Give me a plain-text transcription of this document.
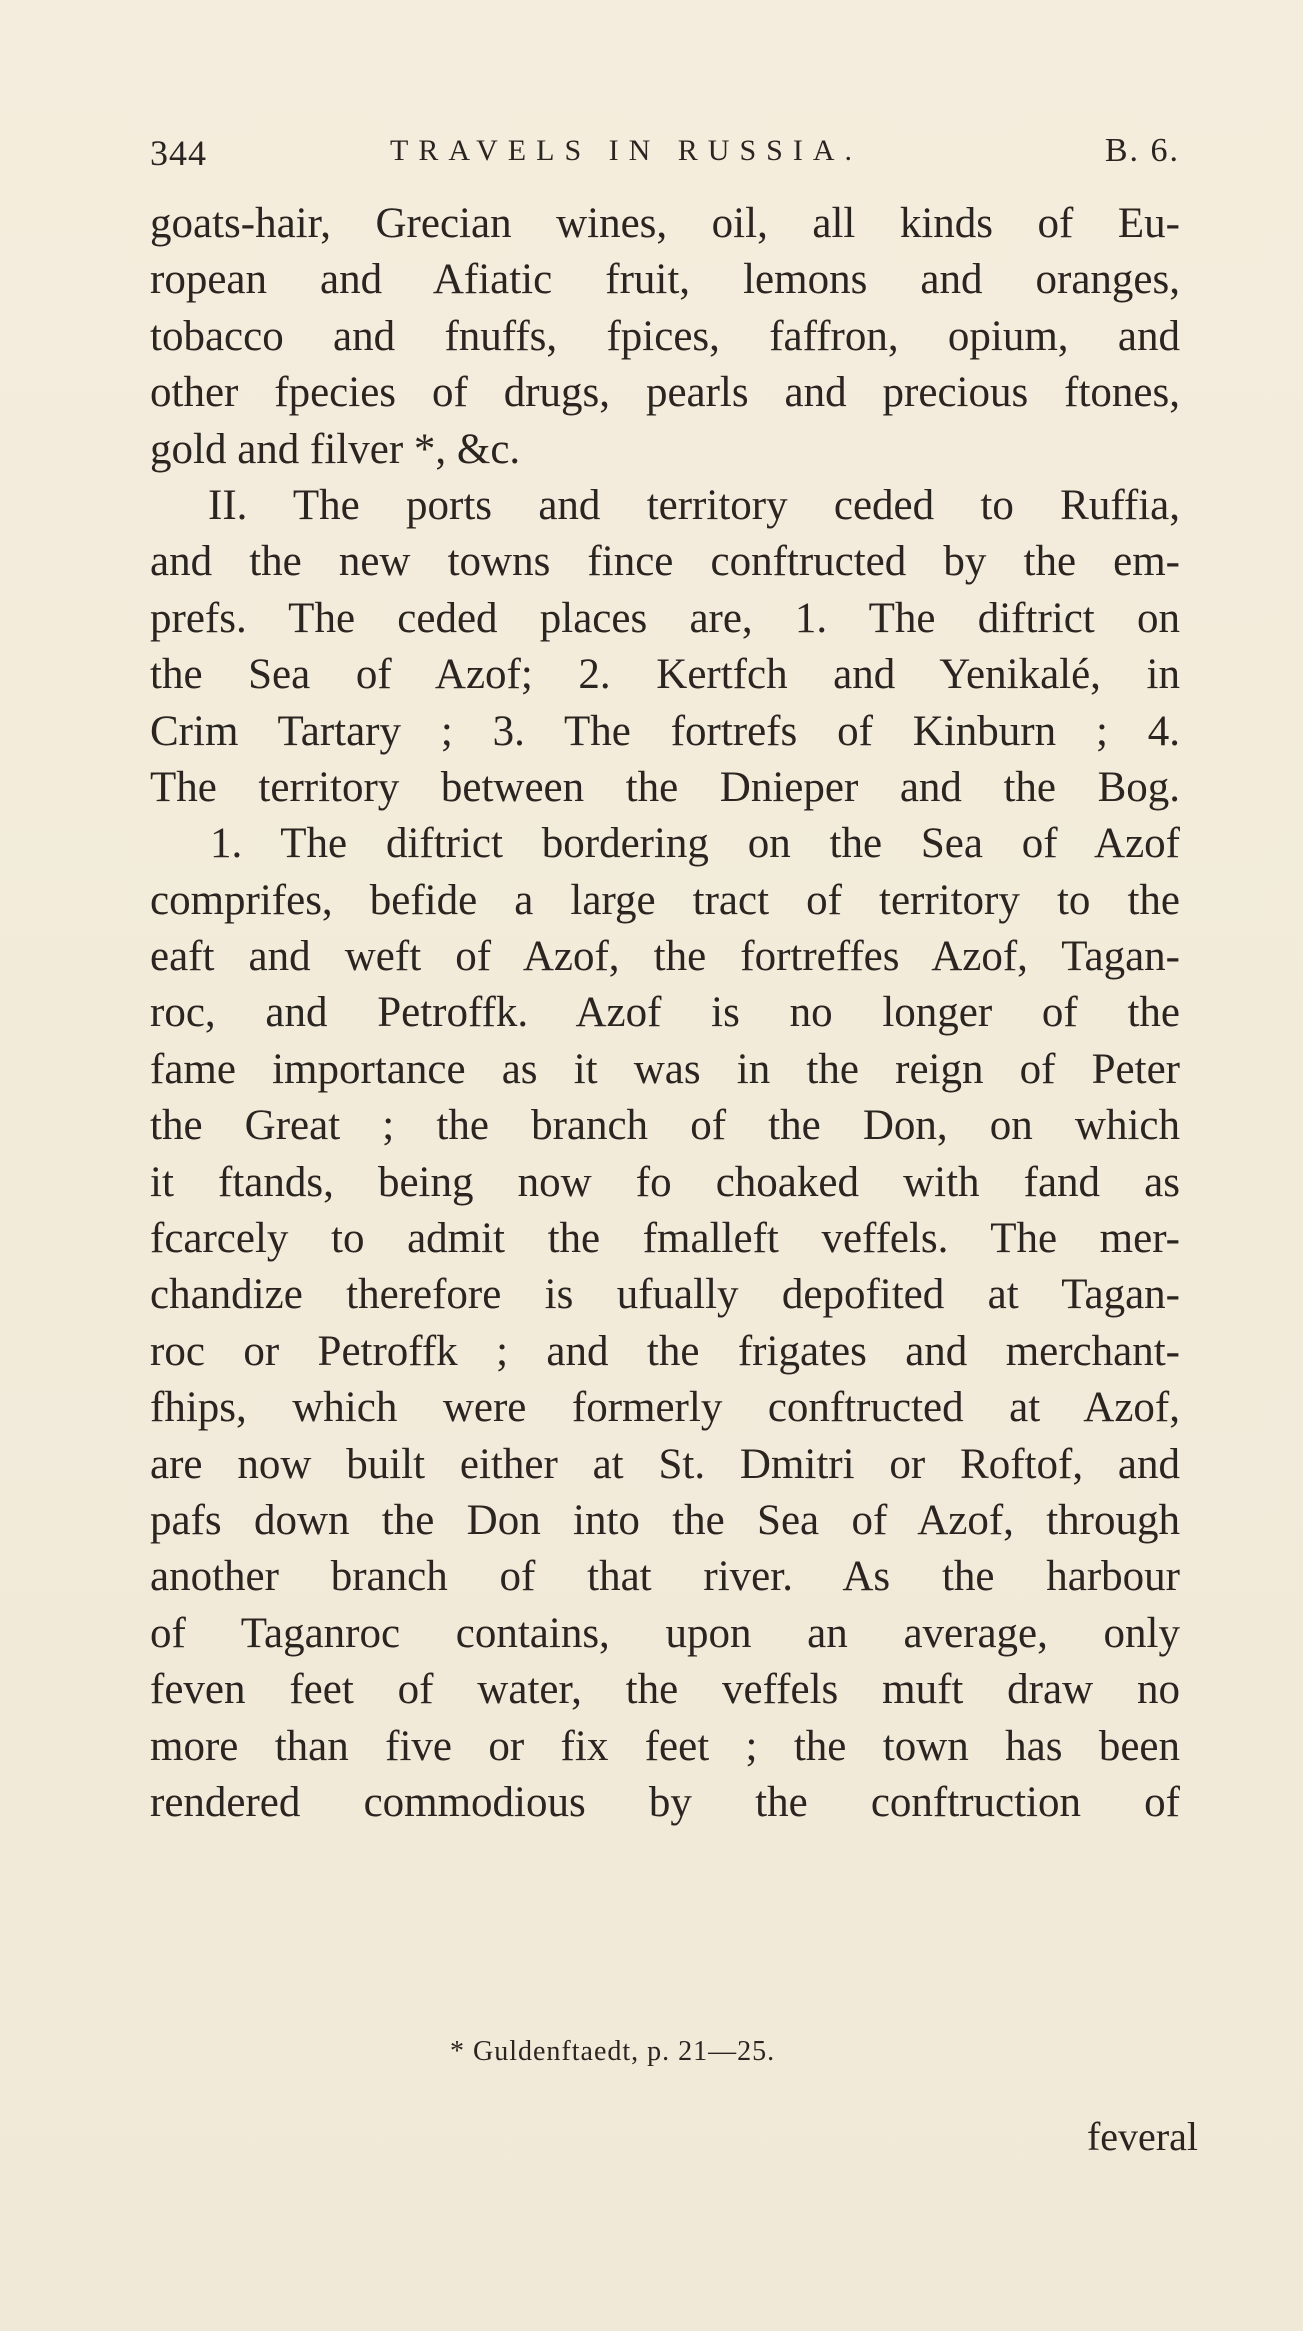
344	TRAVELS IN RUSSIA.	B. 6.
goats-hair, Grecian wines, oil, all kinds of Eu-
ropean and Afiatic fruit, lemons and oranges,
tobacco and fnuffs, fpices, faffron, opium, and
other fpecies of drugs, pearls and precious ftones,
gold and filver *, &c.
II. The ports and territory ceded to Ruffia,
and the new towns fince conftructed by the em-
prefs. The ceded places are, 1. The diftrict on
the Sea of Azof; 2. Kertfch and Yenikalé, in
Crim Tartary ; 3. The fortrefs of Kinburn ; 4.
The territory between the Dnieper and the Bog.
1. The diftrict bordering on the Sea of Azof
comprifes, befide a large tract of territory to the
eaft and weft of Azof, the fortreffes Azof, Tagan-
roc, and Petroffk. Azof is no longer of the
fame importance as it was in the reign of Peter
the Great ; the branch of the Don, on which
it ftands, being now fo choaked with fand as
fcarcely to admit the fmalleft veffels. The mer-
chandize therefore is ufually depofited at Tagan-
roc or Petroffk ; and the frigates and merchant-
fhips, which were formerly conftructed at Azof,
are now built either at St. Dmitri or Roftof, and
pafs down the Don into the Sea of Azof, through
another branch of that river. As the harbour
of Taganroc contains, upon an average, only
feven feet of water, the veffels muft draw no
more than five or fix feet ; the town has been
rendered commodious by the conftruction of
* Guldenftaedt, p. 21—25.
feveral
